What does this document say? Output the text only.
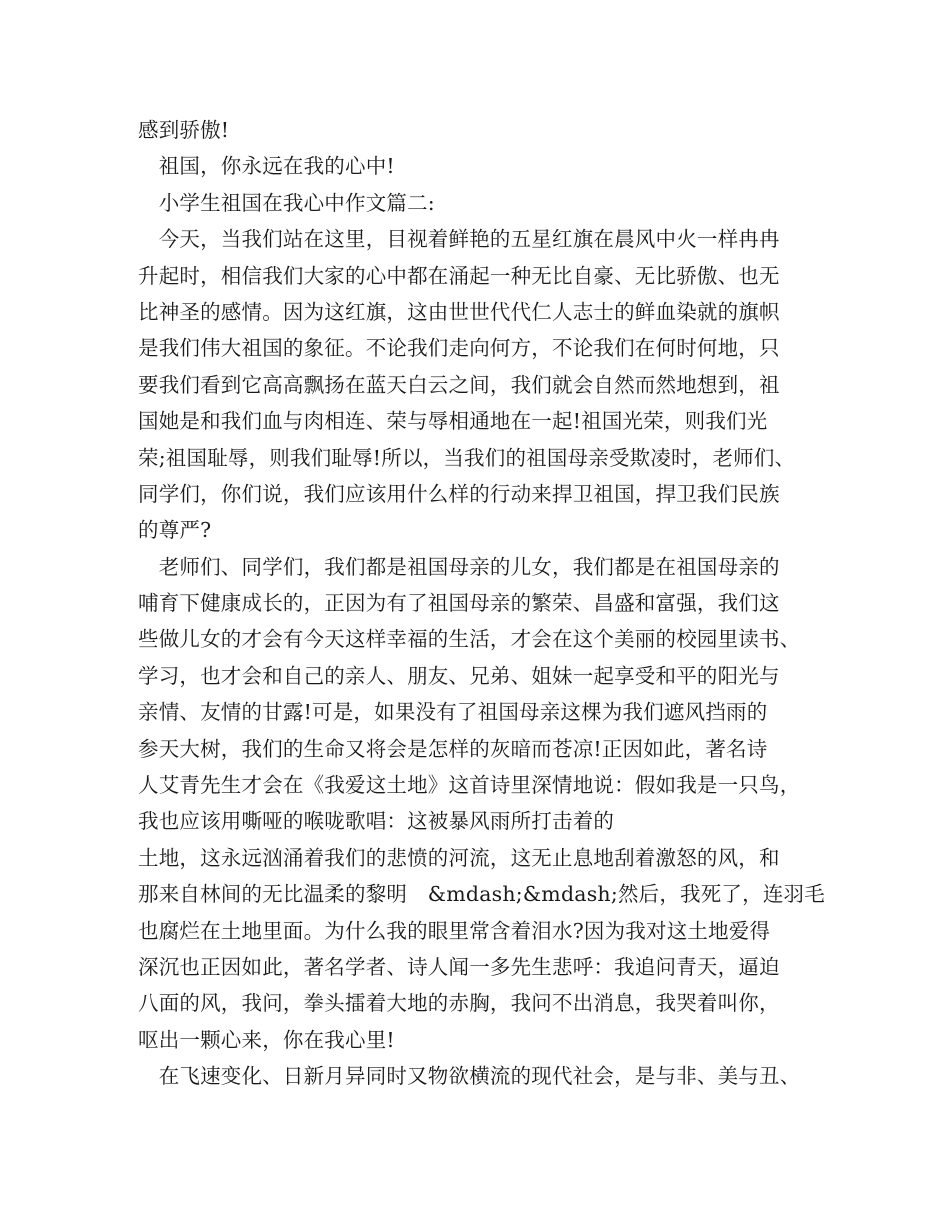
感到骄傲!
　祖国，你永远在我的心中!
　小学生祖国在我心中作文篇二:
　今天，当我们站在这里，目视着鲜艳的五星红旗在晨风中火一样冉冉
升起时，相信我们大家的心中都在涌起一种无比自豪、无比骄傲、也无
比神圣的感情。因为这红旗，这由世世代代仁人志士的鲜血染就的旗帜
是我们伟大祖国的象征。不论我们走向何方，不论我们在何时何地，只
要我们看到它高高飘扬在蓝天白云之间，我们就会自然而然地想到，祖
国她是和我们血与肉相连、荣与辱相通地在一起!祖国光荣，则我们光
荣;祖国耻辱，则我们耻辱!所以，当我们的祖国母亲受欺凌时，老师们、
同学们，你们说，我们应该用什么样的行动来捍卫祖国，捍卫我们民族
的尊严?
　老师们、同学们，我们都是祖国母亲的儿女，我们都是在祖国母亲的
哺育下健康成长的，正因为有了祖国母亲的繁荣、昌盛和富强，我们这
些做儿女的才会有今天这样幸福的生活，才会在这个美丽的校园里读书、
学习，也才会和自己的亲人、朋友、兄弟、姐妹一起享受和平的阳光与
亲情、友情的甘露!可是，如果没有了祖国母亲这棵为我们遮风挡雨的
参天大树，我们的生命又将会是怎样的灰暗而苍凉!正因如此，著名诗
人艾青先生才会在《我爱这土地》这首诗里深情地说：假如我是一只鸟，
我也应该用嘶哑的喉咙歌唱：这被暴风雨所打击着的
土地，这永远汹涌着我们的悲愤的河流，这无止息地刮着激怒的风，和
那来自林间的无比温柔的黎明　&mdash;&mdash;然后，我死了，连羽毛
也腐烂在土地里面。为什么我的眼里常含着泪水?因为我对这土地爱得
深沉也正因如此，著名学者、诗人闻一多先生悲呼：我追问青天，逼迫
八面的风，我问，拳头擂着大地的赤胸，我问不出消息，我哭着叫你，
呕出一颗心来，你在我心里!
　在飞速变化、日新月异同时又物欲横流的现代社会，是与非、美与丑、
